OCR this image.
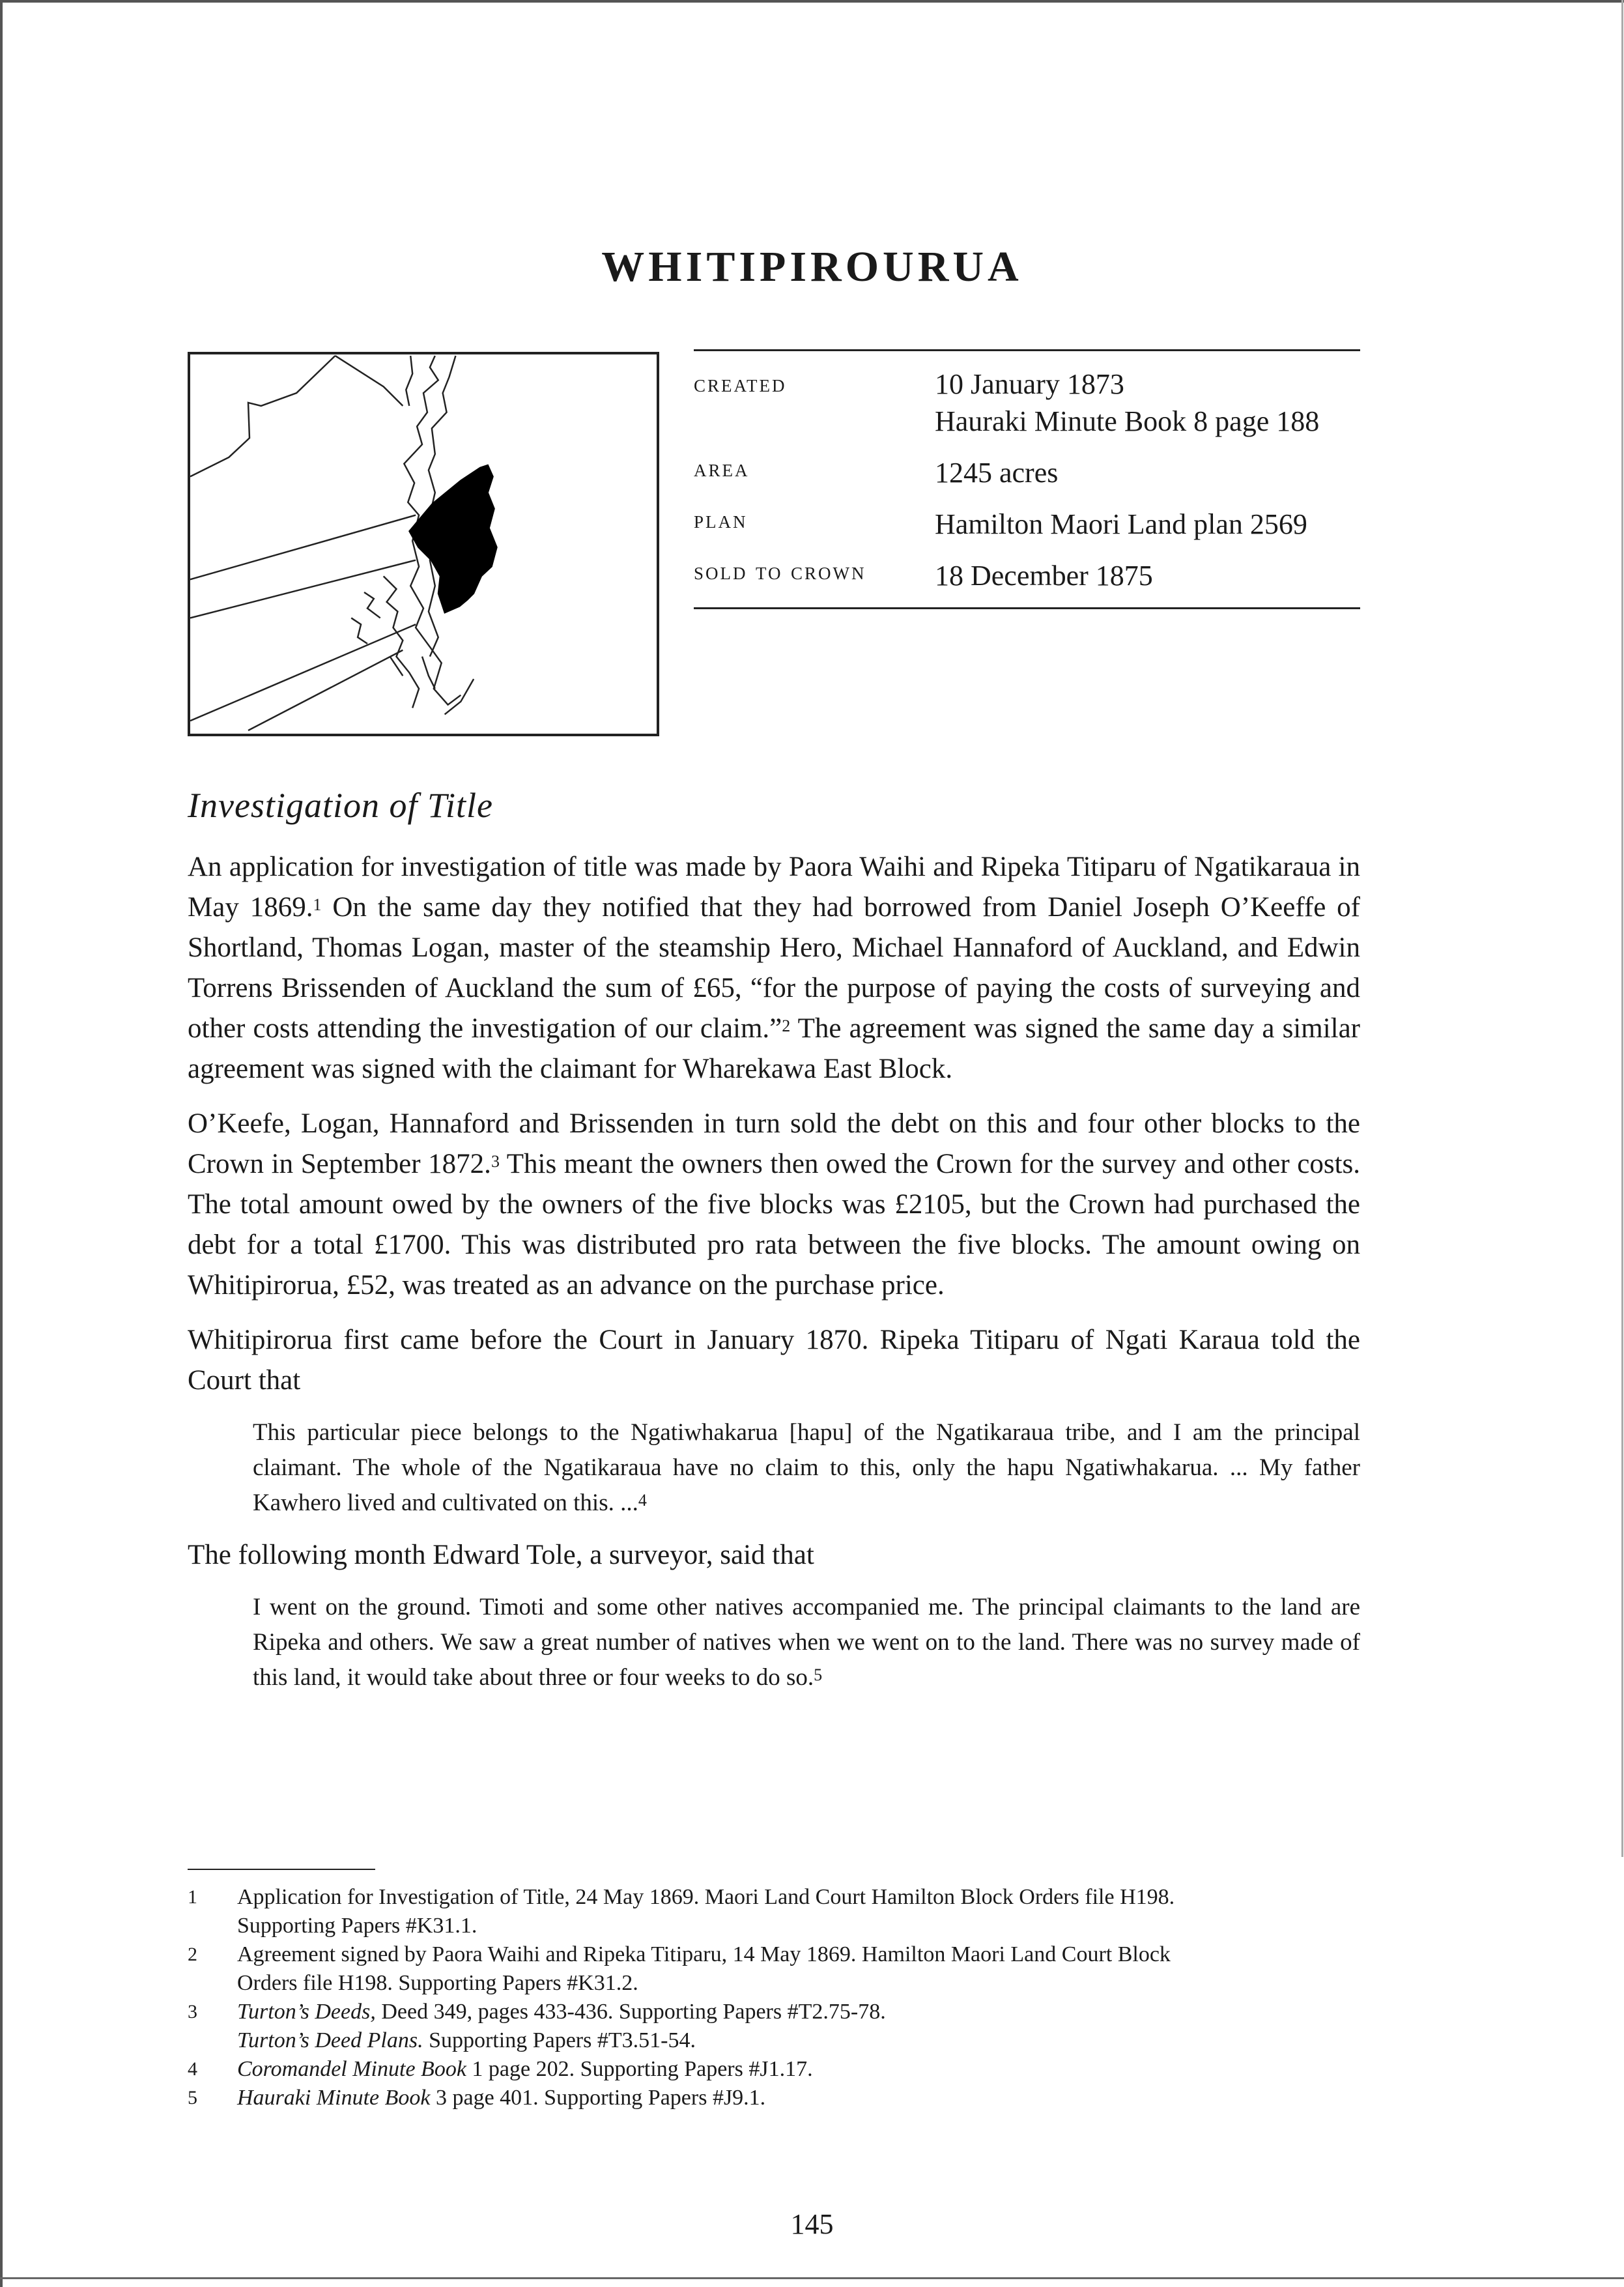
WHITIPIROURUA
created	10 January 1873
Hauraki Minute Book 8 page 188

area	1245 acres
plan	Hamilton Maori Land plan 2569
sold to crown	18 December 1875
Investigation of Title

An application for investigation of title was made by Paora Waihi and Ripeka Titiparu of Ngatikaraua in May 1869.$^1$ On the same day they notified that they had borrowed from Daniel Joseph O’Keeffe of Shortland, Thomas Logan, master of the steamship Hero, Michael Hannaford of Auckland, and Edwin Torrens Brissenden of Auckland the sum of £65, “for the purpose of paying the costs of surveying and other costs attending the investigation of our claim.”$^2$ The agreement was signed the same day a similar agreement was signed with the claimant for Wharekawa East Block.

O’Keefe, Logan, Hannaford and Brissenden in turn sold the debt on this and four other blocks to the Crown in September 1872.$^3$ This meant the owners then owed the Crown for the survey and other costs. The total amount owed by the owners of the five blocks was £2105, but the Crown had purchased the debt for a total £1700. This was distributed pro rata between the five blocks. The amount owing on Whitipirorua, £52, was treated as an advance on the purchase price.

Whitipirorua first came before the Court in January 1870. Ripeka Titiparu of Ngati Karaua told the Court that

This particular piece belongs to the Ngatiwhakarua [hapu] of the Ngatikaraua tribe, and I am the principal claimant. The whole of the Ngatikaraua have no claim to this, only the hapu Ngatiwhakarua. ... My father Kawhero lived and cultivated on this. ...$^4$

The following month Edward Tole, a surveyor, said that

I went on the ground. Timoti and some other natives accompanied me. The principal claimants to the land are Ripeka and others. We saw a great number of natives when we went on to the land. There was no survey made of this land, it would take about three or four weeks to do so.$^5$

1	Application for Investigation of Title, 24 May 1869. Maori Land Court Hamilton Block Orders file H198.
Supporting Papers #K31.1.
2	Agreement signed by Paora Waihi and Ripeka Titiparu, 14 May 1869. Hamilton Maori Land Court Block
Orders file H198. Supporting Papers #K31.2.
3	Turton’s Deeds, Deed 349, pages 433-436. Supporting Papers #T2.75-78.
Turton’s Deed Plans. Supporting Papers #T3.51-54.
4	Coromandel Minute Book 1 page 202. Supporting Papers #J1.17.
5	Hauraki Minute Book 3 page 401. Supporting Papers #J9.1.
145
